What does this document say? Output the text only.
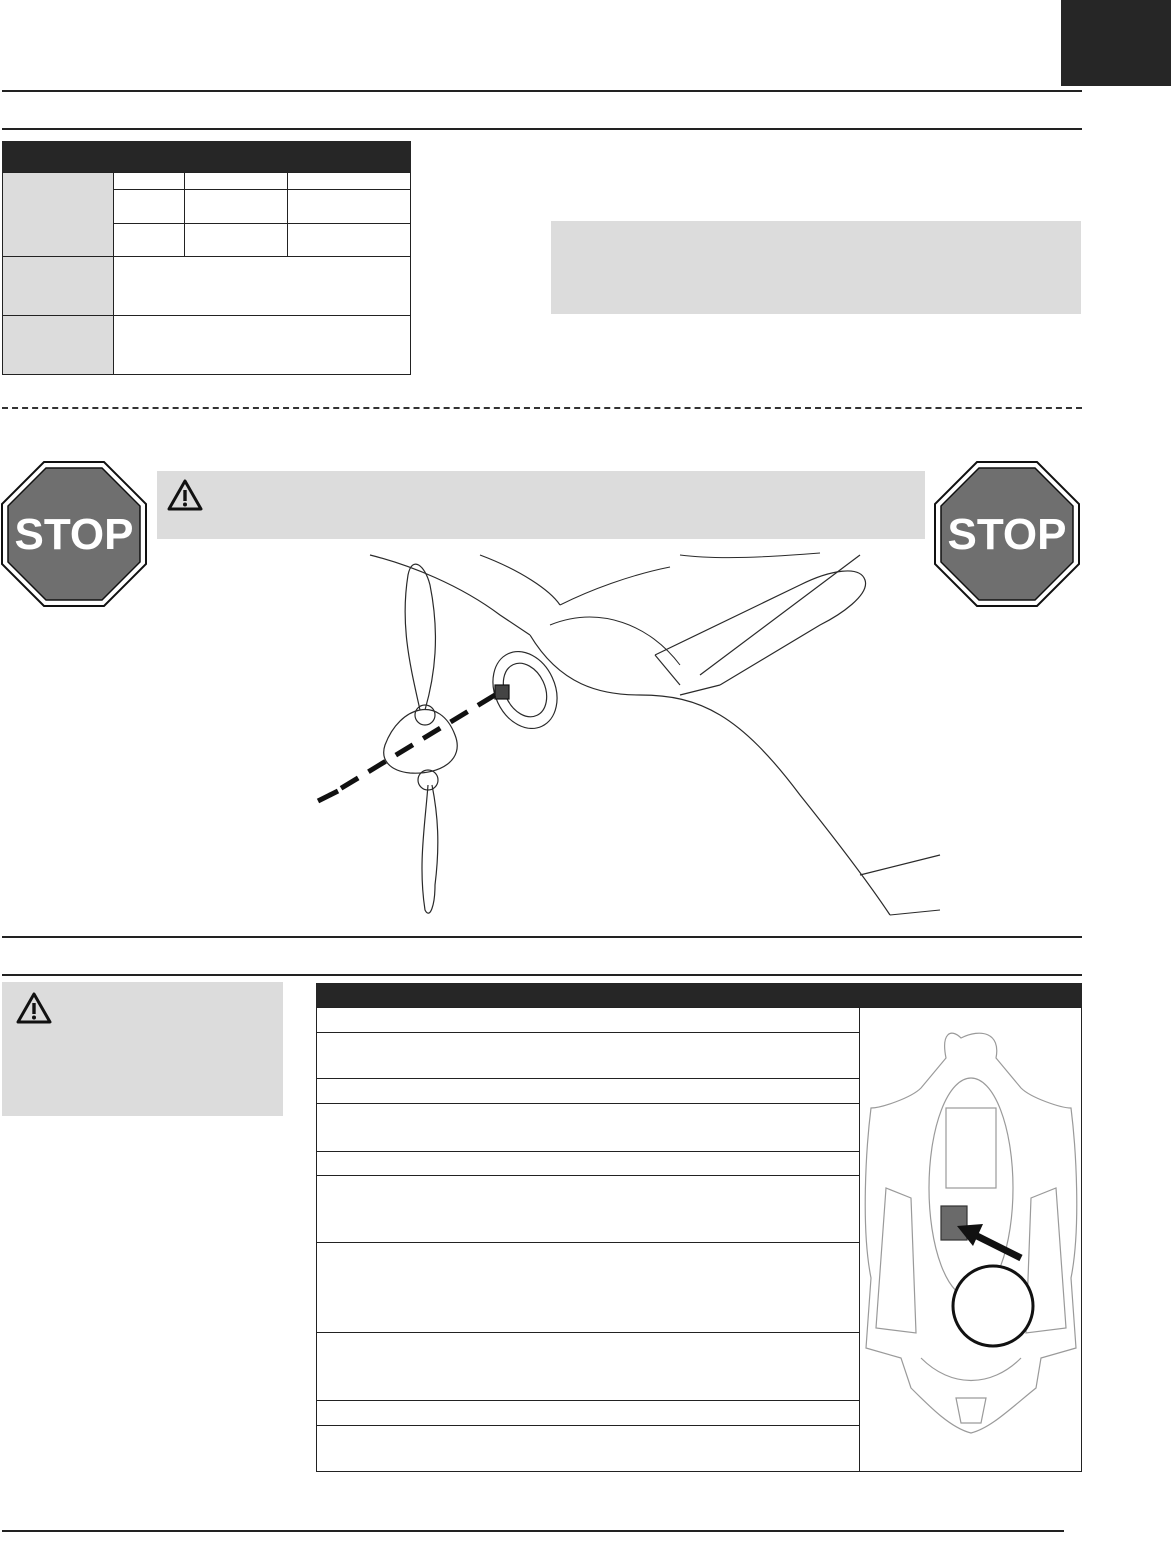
STOP	STOP
